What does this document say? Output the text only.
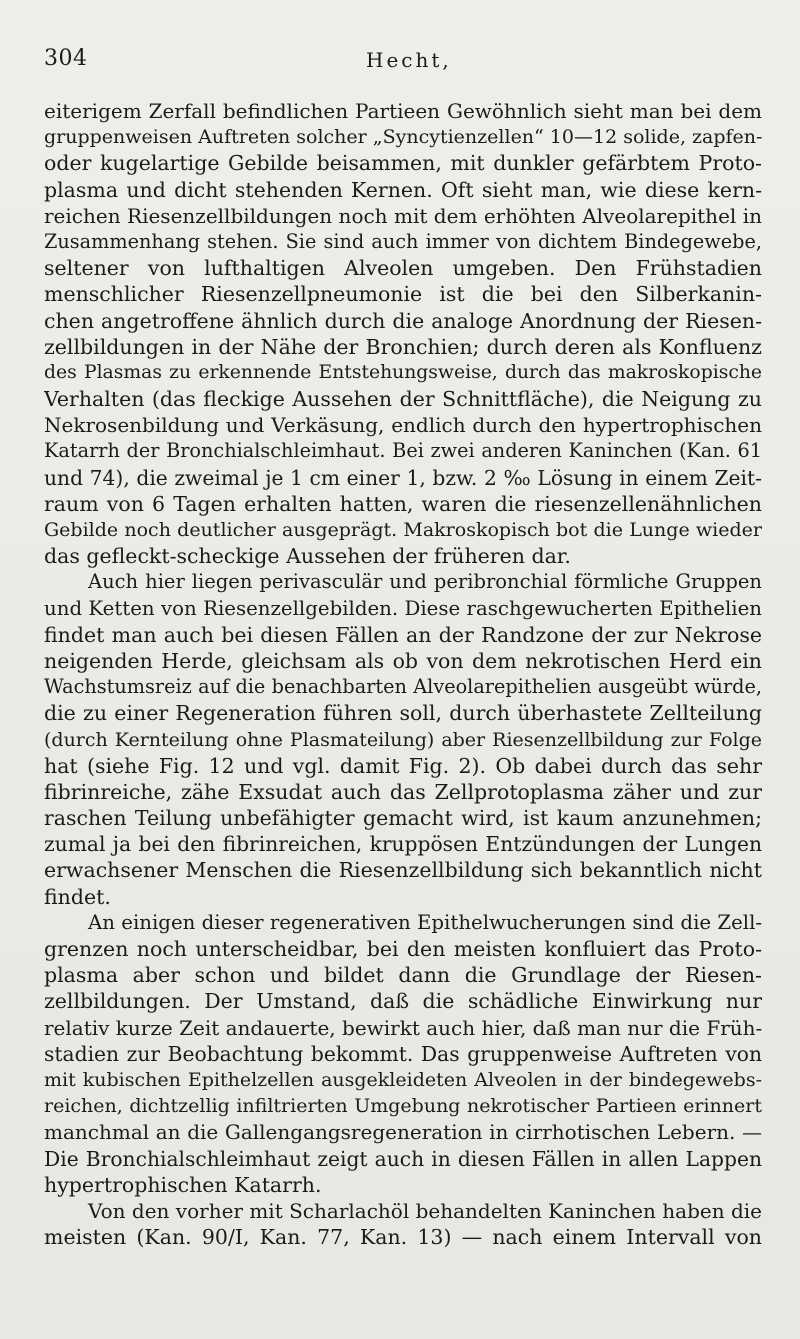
304	Hecht,
eiterigem Zerfall befindlichen Partieen Gewöhnlich sieht man bei dem
gruppenweisen Auftreten solcher „Syncytienzellen“ 10—12 solide, zapfen-
oder kugelartige Gebilde beisammen, mit dunkler gefärbtem Proto-
plasma und dicht stehenden Kernen. Oft sieht man, wie diese kern-
reichen Riesenzellbildungen noch mit dem erhöhten Alveolarepithel in
Zusammenhang stehen. Sie sind auch immer von dichtem Bindegewebe,
seltener von lufthaltigen Alveolen umgeben. Den Frühstadien
menschlicher Riesenzellpneumonie ist die bei den Silberkanin-
chen angetroffene ähnlich durch die analoge Anordnung der Riesen-
zellbildungen in der Nähe der Bronchien; durch deren als Konfluenz
des Plasmas zu erkennende Entstehungsweise, durch das makroskopische
Verhalten (das fleckige Aussehen der Schnittfläche), die Neigung zu
Nekrosenbildung und Verkäsung, endlich durch den hypertrophischen
Katarrh der Bronchialschleimhaut. Bei zwei anderen Kaninchen (Kan. 61
und 74), die zweimal je 1 cm einer 1, bzw. 2 ‰ Lösung in einem Zeit-
raum von 6 Tagen erhalten hatten, waren die riesenzellenähnlichen
Gebilde noch deutlicher ausgeprägt. Makroskopisch bot die Lunge wieder
das gefleckt-scheckige Aussehen der früheren dar.
Auch hier liegen perivasculär und peribronchial förmliche Gruppen
und Ketten von Riesenzellgebilden. Diese raschgewucherten Epithelien
findet man auch bei diesen Fällen an der Randzone der zur Nekrose
neigenden Herde, gleichsam als ob von dem nekrotischen Herd ein
Wachstumsreiz auf die benachbarten Alveolarepithelien ausgeübt würde,
die zu einer Regeneration führen soll, durch überhastete Zellteilung
(durch Kernteilung ohne Plasmateilung) aber Riesenzellbildung zur Folge
hat (siehe Fig. 12 und vgl. damit Fig. 2). Ob dabei durch das sehr
fibrinreiche, zähe Exsudat auch das Zellprotoplasma zäher und zur
raschen Teilung unbefähigter gemacht wird, ist kaum anzunehmen;
zumal ja bei den fibrinreichen, kruppösen Entzündungen der Lungen
erwachsener Menschen die Riesenzellbildung sich bekanntlich nicht
findet.
An einigen dieser regenerativen Epithelwucherungen sind die Zell-
grenzen noch unterscheidbar, bei den meisten konfluiert das Proto-
plasma aber schon und bildet dann die Grundlage der Riesen-
zellbildungen. Der Umstand, daß die schädliche Einwirkung nur
relativ kurze Zeit andauerte, bewirkt auch hier, daß man nur die Früh-
stadien zur Beobachtung bekommt. Das gruppenweise Auftreten von
mit kubischen Epithelzellen ausgekleideten Alveolen in der bindegewebs-
reichen, dichtzellig infiltrierten Umgebung nekrotischer Partieen erinnert
manchmal an die Gallengangsregeneration in cirrhotischen Lebern. —
Die Bronchialschleimhaut zeigt auch in diesen Fällen in allen Lappen
hypertrophischen Katarrh.
Von den vorher mit Scharlachöl behandelten Kaninchen haben die
meisten (Kan. 90/I, Kan. 77, Kan. 13) — nach einem Intervall von
